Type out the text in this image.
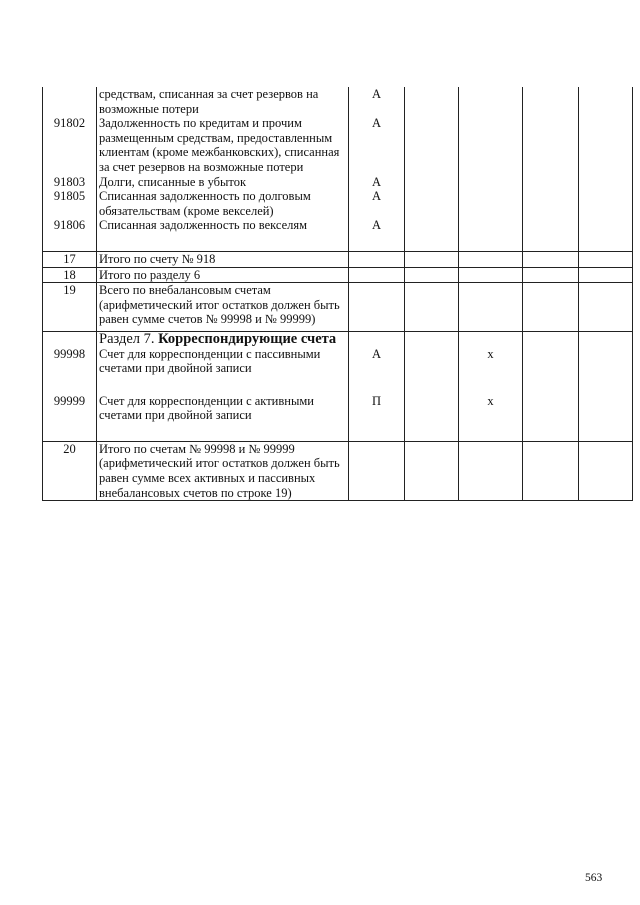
	средствам, списанная за счет резервов на возможные потери	А				
91802	Задолженность по кредитам и прочим размещенным средствам, предоставленным клиентам (кроме межбанковских), списанная за счет резервов на возможные потери	А				
91803	Долги, списанные в убыток	А				
91805	Списанная задолженность по долговым обязательствам (кроме векселей)	А				
91806	Списанная задолженность по векселям	А				
17	Итого по счету № 918					
18	Итого по разделу 6					
19	Всего по внебалансовым счетам (арифметический итог остатков должен быть равен сумме счетов № 99998 и № 99999)					
	Раздел 7. Корреспондирующие счета					
99998	Счет для корреспонденции с пассивными счетами при двойной записи	А		х		
99999	Счет для корреспонденции с активными счетами при двойной записи	П		х		
20	Итого по счетам № 99998 и № 99999 (арифметический итог остатков должен быть равен сумме всех активных и пассивных внебалансовых счетов по строке 19)					
563
